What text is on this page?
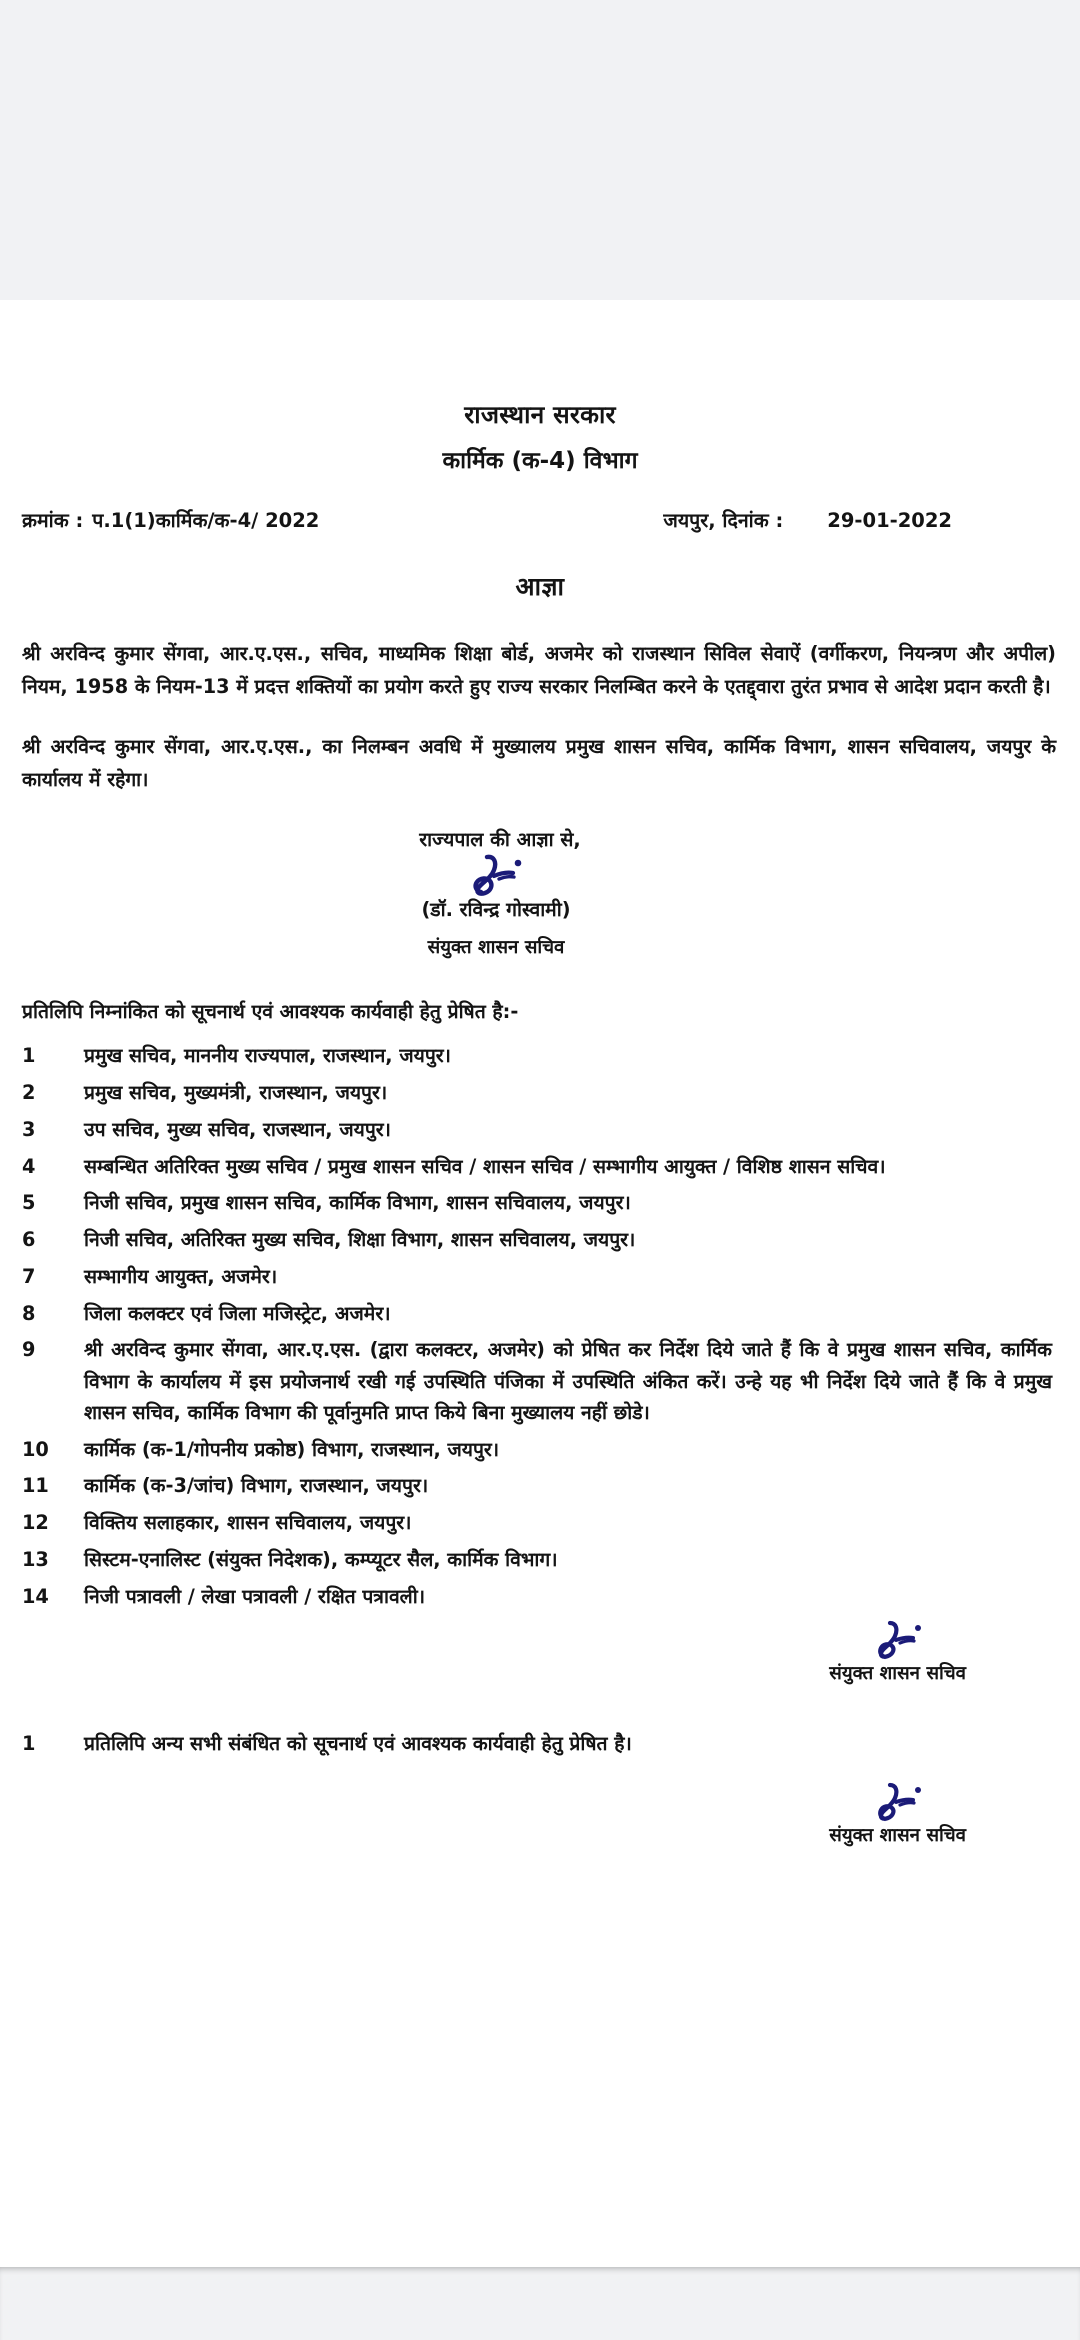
राजस्थान सरकार
कार्मिक (क-4) विभाग
क्रमांक : प.1(1)कार्मिक/क-4/ 2022	जयपुर, दिनांक : 29-01-2022
आज्ञा

श्री अरविन्द कुमार सेंगवा, आर.ए.एस., सचिव, माध्यमिक शिक्षा बोर्ड, अजमेर को राजस्थान सिविल सेवाऐं (वर्गीकरण, नियन्त्रण और अपील) नियम, 1958 के नियम-13 में प्रदत्त शक्तियों का प्रयोग करते हुए राज्य सरकार निलम्बित करने के एतद्द्वारा तुरंत प्रभाव से आदेश प्रदान करती है।

श्री अरविन्द कुमार सेंगवा, आर.ए.एस., का निलम्बन अवधि में मुख्यालय प्रमुख शासन सचिव, कार्मिक विभाग, शासन सचिवालय, जयपुर के कार्यालय में रहेगा।

राज्यपाल की आज्ञा से,
(डॉ. रविन्द्र गोस्वामी)
संयुक्त शासन सचिव
प्रतिलिपि निम्नांकित को सूचनार्थ एवं आवश्यक कार्यवाही हेतु प्रेषित है:-
1	प्रमुख सचिव, माननीय राज्यपाल, राजस्थान, जयपुर।
2	प्रमुख सचिव, मुख्यमंत्री, राजस्थान, जयपुर।
3	उप सचिव, मुख्य सचिव, राजस्थान, जयपुर।
4	सम्बन्धित अतिरिक्त मुख्य सचिव / प्रमुख शासन सचिव / शासन सचिव / सम्भागीय आयुक्त / विशिष्ठ शासन सचिव।
5	निजी सचिव, प्रमुख शासन सचिव, कार्मिक विभाग, शासन सचिवालय, जयपुर।
6	निजी सचिव, अतिरिक्त मुख्य सचिव, शिक्षा विभाग, शासन सचिवालय, जयपुर।
7	सम्भागीय आयुक्त, अजमेर।
8	जिला कलक्टर एवं जिला मजिस्ट्रेट, अजमेर।
9	श्री अरविन्द कुमार सेंगवा, आर.ए.एस. (द्वारा कलक्टर, अजमेर) को प्रेषित कर निर्देश दिये जाते हैं कि वे प्रमुख शासन सचिव, कार्मिक विभाग के कार्यालय में इस प्रयोजनार्थ रखी गई उपस्थिति पंजिका में उपस्थिति अंकित करें। उन्हे यह भी निर्देश दिये जाते हैं कि वे प्रमुख शासन सचिव, कार्मिक विभाग की पूर्वानुमति प्राप्त किये बिना मुख्यालय नहीं छोडे।
10	कार्मिक (क-1/गोपनीय प्रकोष्ठ) विभाग, राजस्थान, जयपुर।
11	कार्मिक (क-3/जांच) विभाग, राजस्थान, जयपुर।
12	विक्तिय सलाहकार, शासन सचिवालय, जयपुर।
13	सिस्टम-एनालिस्ट (संयुक्त निदेशक), कम्प्यूटर सैल, कार्मिक विभाग।
14	निजी पत्रावली / लेखा पत्रावली / रक्षित पत्रावली।
संयुक्त शासन सचिव
1	प्रतिलिपि अन्य सभी संबंधित को सूचनार्थ एवं आवश्यक कार्यवाही हेतु प्रेषित है।
संयुक्त शासन सचिव
